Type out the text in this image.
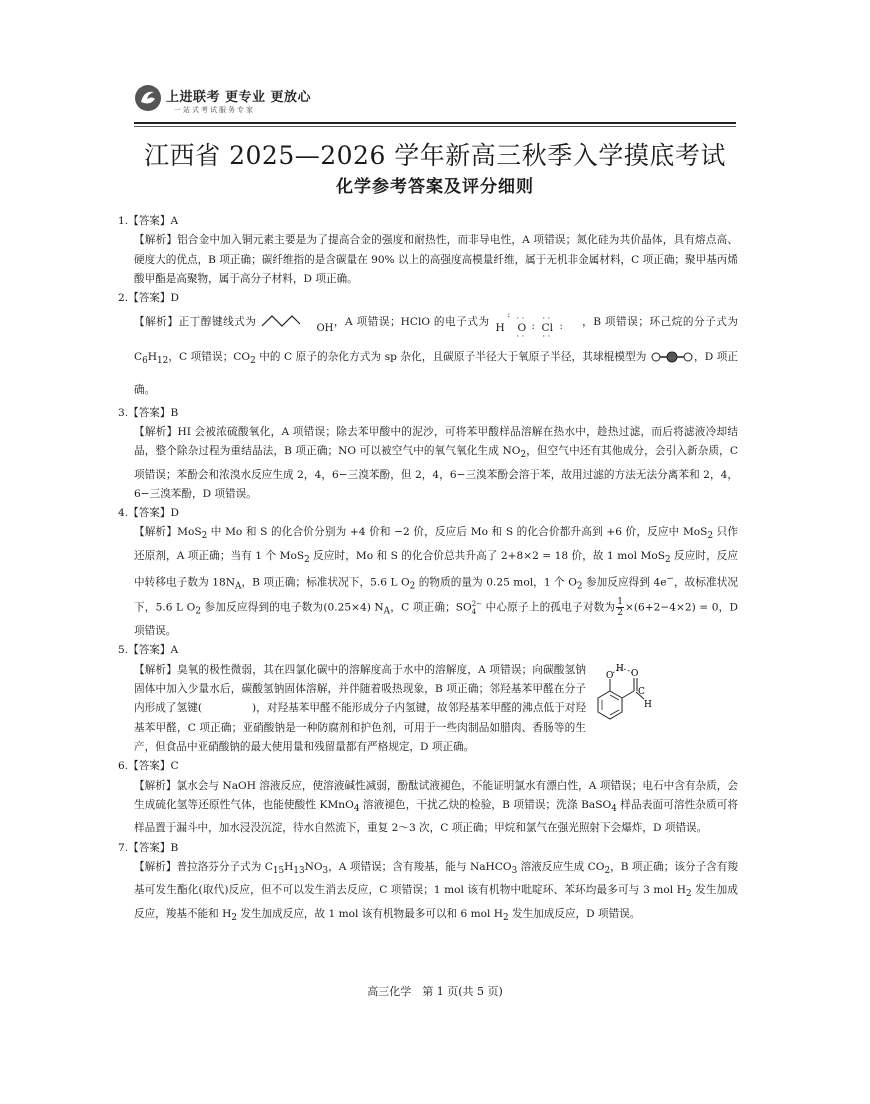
上进联考 更专业 更放心
一站式考试服务专家
江西省 2025—2026 学年新高三秋季入学摸底考试
化学参考答案及评分细则
1.【答案】A
【解析】铝合金中加入铜元素主要是为了提高合金的强度和耐热性，而非导电性，A 项错误；氮化硅为共价晶体，具有熔点高、硬度大的优点，B 项正确；碳纤维指的是含碳量在 90% 以上的高强度高模量纤维，属于无机非金属材料，C 项正确；聚甲基丙烯酸甲酯是高聚物，属于高分子材料，D 项正确。
2.【答案】D
【解析】正丁醇键线式为 OH，A 项错误；HClO 的电子式为 H
:

O
· ·
· ·
: Cl
· ·
· ·
: ，B 项错误；环己烷的分子式为 $C_6H_{12}$，C 项错误；$CO_2$ 中的 C 原子的杂化方式为 sp 杂化，且碳原子半径大于氧原子半径，其球棍模型为	，D 项正确。
3.【答案】B
【解析】HI 会被浓硫酸氧化，A 项错误；除去苯甲酸中的泥沙，可将苯甲酸样品溶解在热水中，趁热过滤，而后将滤液冷却结晶，整个除杂过程为重结晶法，B 项正确；NO 可以被空气中的氧气氧化生成 $NO_2$，但空气中还有其他成分，会引入新杂质，C 项错误；苯酚会和浓溴水反应生成 2，4，6−三溴苯酚，但 2，4，6−三溴苯酚会溶于苯，故用过滤的方法无法分离苯和 2，4，6−三溴苯酚，D 项错误。
4.【答案】D
【解析】MoS$_2$ 中 Mo 和 S 的化合价分别为 +4 价和 −2 价，反应后 Mo 和 S 的化合价都升高到 +6 价，反应中 MoS$_2$ 只作还原剂，A 项正确；当有 1 个 MoS$_2$ 反应时，Mo 和 S 的化合价总共升高了 2+8×2 = 18 价，故 1 mol MoS$_2$ 反应时，反应中转移电子数为 $18N_A$，B 项正确；标准状况下，5.6 L $O_2$ 的物质的量为 0.25 mol，1 个 $O_2$ 参加反应得到 4e−，故标准状况下，5.6 L $O_2$ 参加反应得到的电子数为(0.25×4) $N_A$，C 项正确；SO 2−
4 中心原子上的孤电子对数为 $\frac{1}{2} \times(6+2-4\times 2) = 0$，D 项错误。
5.【答案】A
O
H O
C
H
【解析】臭氧的极性微弱，其在四氯化碳中的溶解度高于水中的溶解度，A 项错误；向碳酸氢钠固体中加入少量水后，碳酸氢钠固体溶解，并伴随着吸热现象，B 项正确；邻羟基苯甲醛在分子内形成了氢键(	)，对羟基苯甲醛不能形成分子内氢键，故邻羟基苯甲醛的沸点低于对羟基苯甲醛，C 项正确；亚硝酸钠是一种防腐剂和护色剂，可用于一些肉制品如腊肉、香肠等的生产，但食品中亚硝酸钠的最大使用量和残留量都有严格规定，D 项正确。
6.【答案】C
【解析】氯水会与 NaOH 溶液反应，使溶液碱性减弱，酚酞试液褪色，不能证明氯水有漂白性，A 项错误；电石中含有杂质，会生成硫化氢等还原性气体，也能使酸性 KMnO$_4$ 溶液褪色，干扰乙炔的检验，B 项错误；洗涤 BaSO$_4$ 样品表面可溶性杂质可将样品置于漏斗中，加水浸没沉淀，待水自然流下，重复 2～3 次，C 项正确；甲烷和氯气在强光照射下会爆炸，D 项错误。
7.【答案】B
【解析】普拉洛芬分子式为 $C_{15}H_{13}NO_3$，A 项错误；含有羧基，能与 NaHCO$_3$ 溶液反应生成 $CO_2$，B 项正确；该分子含有羧基可发生酯化(取代)反应，但不可以发生消去反应，C 项错误；1 mol 该有机物中吡啶环、苯环均最多可与 3 mol $H_2$ 发生加成反应，羧基不能和 $H_2$ 发生加成反应，故 1 mol 该有机物最多可以和 6 mol $H_2$ 发生加成反应，D 项错误。
高三化学　第 1 页(共 5 页)
